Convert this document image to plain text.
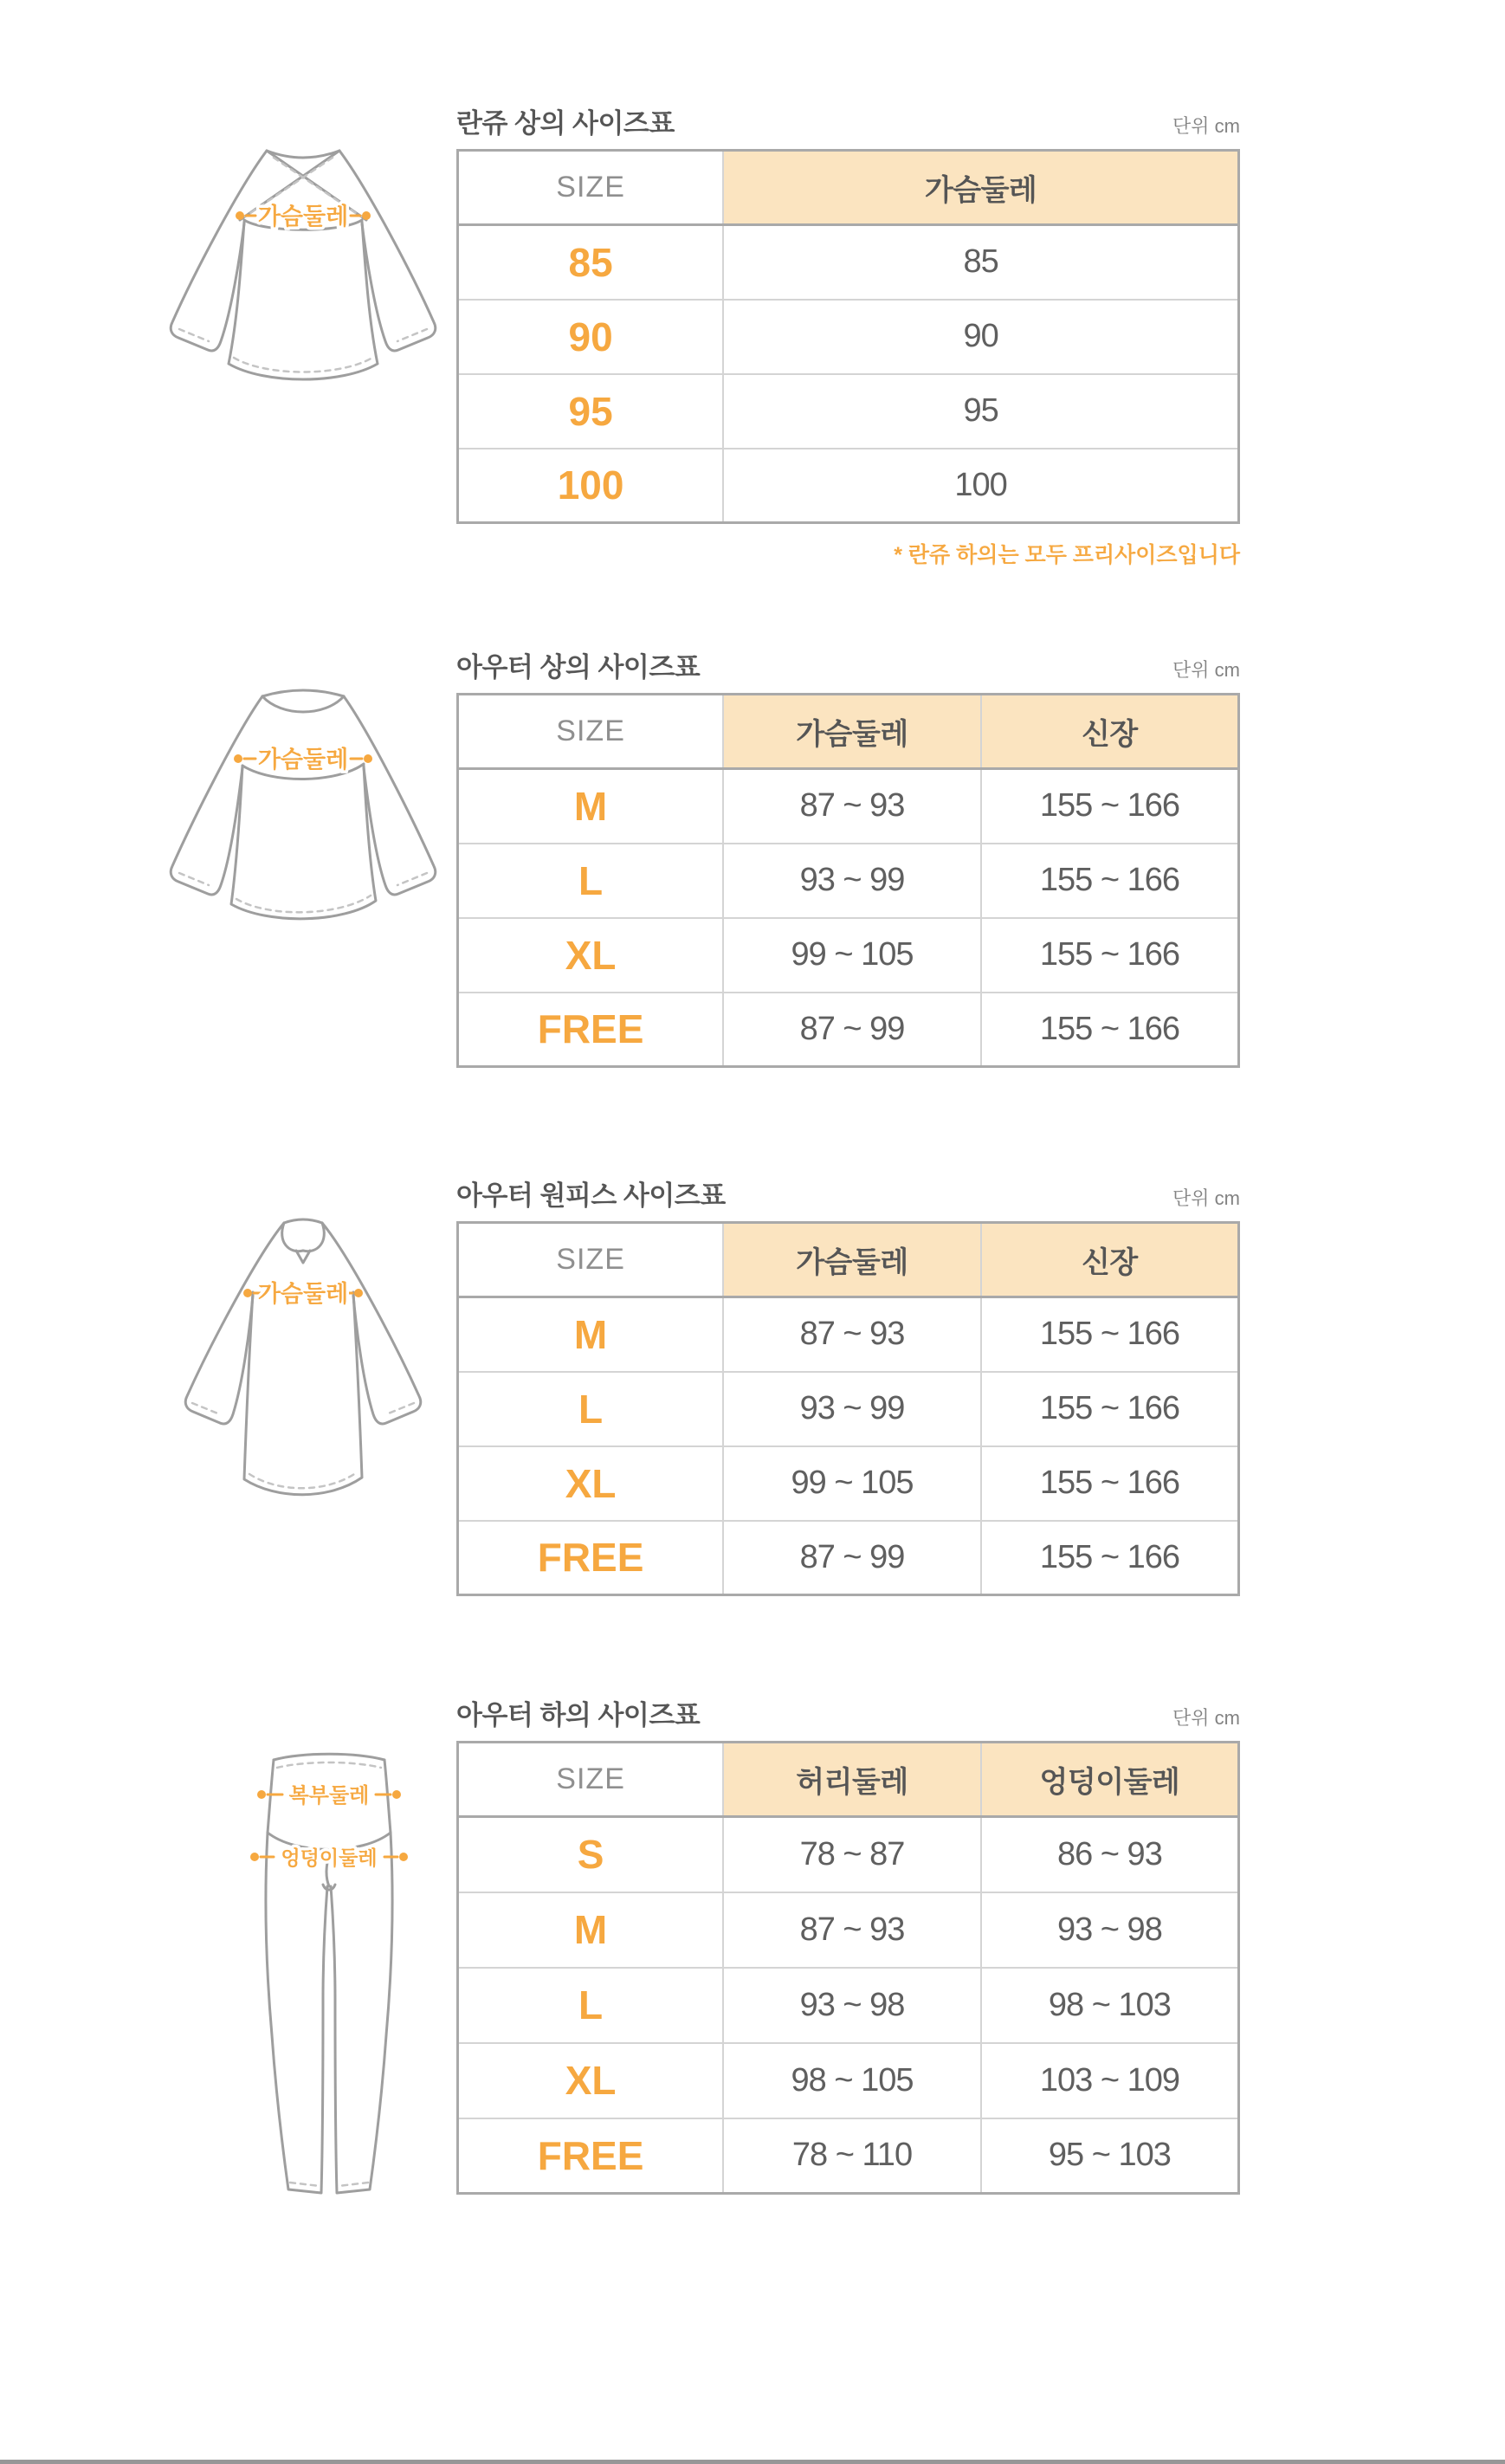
가슴둘레
란쥬 상의 사이즈표	단위 cm
SIZE	가슴둘레
85	85
90	90
95	95
100	100
* 란쥬 하의는 모두 프리사이즈입니다
가슴둘레
아우터 상의 사이즈표	단위 cm
SIZE	가슴둘레	신장
M	87 ~ 93	155 ~ 166
L	93 ~ 99	155 ~ 166
XL	99 ~ 105	155 ~ 166
FREE	87 ~ 99	155 ~ 166
가슴둘레
아우터 원피스 사이즈표	단위 cm
SIZE	가슴둘레	신장
M	87 ~ 93	155 ~ 166
L	93 ~ 99	155 ~ 166
XL	99 ~ 105	155 ~ 166
FREE	87 ~ 99	155 ~ 166
복부둘레
엉덩이둘레
아우터 하의 사이즈표	단위 cm
SIZE	허리둘레	엉덩이둘레
S	78 ~ 87	86 ~ 93
M	87 ~ 93	93 ~ 98
L	93 ~ 98	98 ~ 103
XL	98 ~ 105	103 ~ 109
FREE	78 ~ 110	95 ~ 103
